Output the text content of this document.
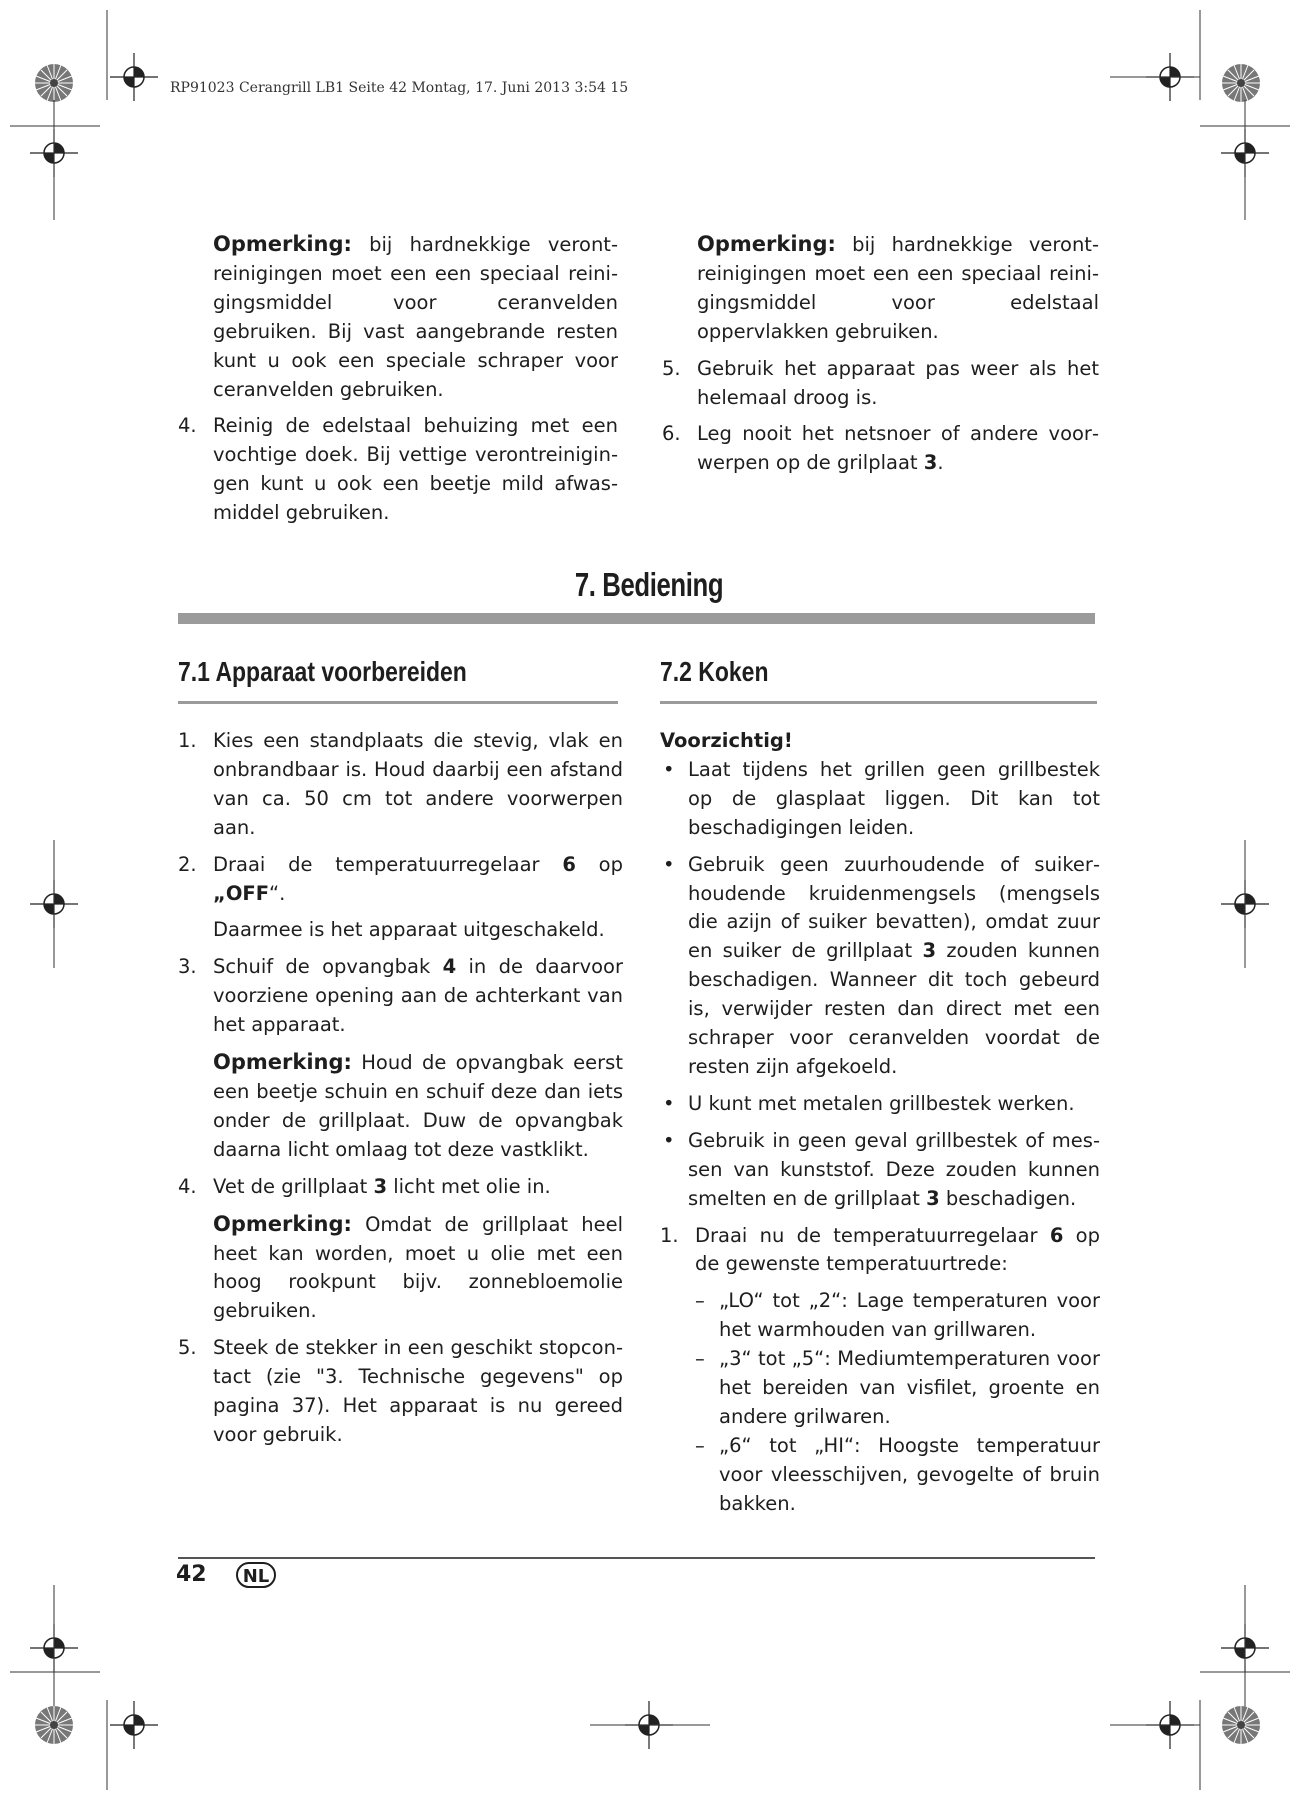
RP91023 Cerangrill LB1 Seite 42 Montag, 17. Juni 2013 3:54 15

Opmerking: bij hardnekkige verontreinigingen moet een een speciaal reinigingsmiddel voor ceranvelden gebruiken. Bij vast aangebrande resten kunt u ook een speciale schraper voor ceranvelden gebruiken.

4. Reinig de edelstaal behuizing met een vochtige doek. Bij vettige verontreinigingen kunt u ook een beetje mild afwasmiddel gebruiken.

Opmerking: bij hardnekkige verontreinigingen moet een een speciaal reinigingsmiddel voor edelstaal oppervlakken gebruiken.

5. Gebruik het apparaat pas weer als het helemaal droog is.

6. Leg nooit het netsnoer of andere voorwerpen op de grilplaat 3.

7. Bediening
7.1 Apparaat voorbereiden	7.2 Koken

1. Kies een standplaats die stevig, vlak en onbrandbaar is. Houd daarbij een afstand van ca. 50 cm tot andere voorwerpen aan.

2. Draai de temperatuurregelaar 6 op „OFF“.

Daarmee is het apparaat uitgeschakeld.

3. Schuif de opvangbak 4 in de daarvoor voorziene opening aan de achterkant van het apparaat.

Opmerking: Houd de opvangbak eerst een beetje schuin en schuif deze dan iets onder de grillplaat. Duw de opvangbak daarna licht omlaag tot deze vastklikt.

4. Vet de grillplaat 3 licht met olie in.

Opmerking: Omdat de grillplaat heel heet kan worden, moet u olie met een hoog rookpunt bijv. zonnebloemolie gebruiken.

5. Steek de stekker in een geschikt stopcontact (zie "3. Technische gegevens" op pagina 37). Het apparaat is nu gereed voor gebruik.

Voorzichtig!

• Laat tijdens het grillen geen grillbestek op de glasplaat liggen. Dit kan tot beschadigingen leiden.

• Gebruik geen zuurhoudende of suikerhoudende kruidenmengsels (mengsels die azijn of suiker bevatten), omdat zuur en suiker de grillplaat 3 zouden kunnen beschadigen. Wanneer dit toch gebeurd is, verwijder resten dan direct met een schraper voor ceranvelden voordat de resten zijn afgekoeld.

• U kunt met metalen grillbestek werken.

• Gebruik in geen geval grillbestek of messen van kunststof. Deze zouden kunnen smelten en de grillplaat 3 beschadigen.

1. Draai nu de temperatuurregelaar 6 op de gewenste temperatuurtrede:

– „LO“ tot „2“: Lage temperaturen voor het warmhouden van grillwaren.

– „3“ tot „5“: Mediumtemperaturen voor het bereiden van visfilet, groente en andere grilwaren.

– „6“ tot „HI“: Hoogste temperatuur voor vleesschijven, gevogelte of bruin bakken.

42	NL
